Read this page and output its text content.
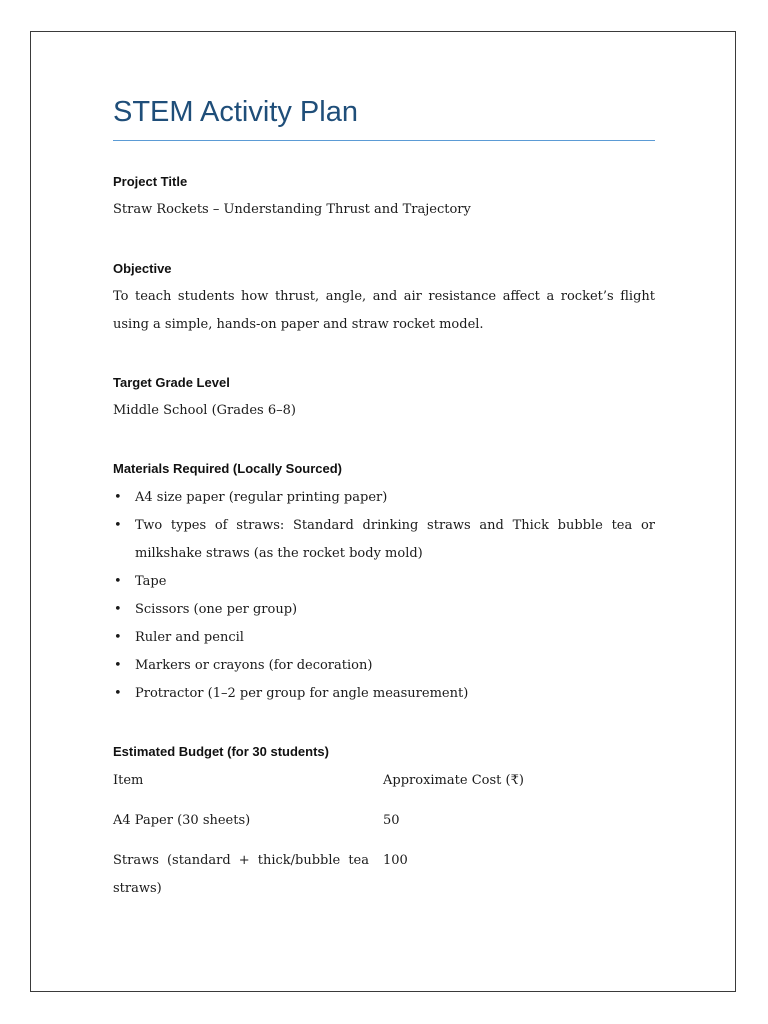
STEM Activity Plan
Project Title
Straw Rockets – Understanding Thrust and Trajectory
Objective
To teach students how thrust, angle, and air resistance affect a rocket’s flight using a simple, hands-on paper and straw rocket model.
Target Grade Level
Middle School (Grades 6–8)
Materials Required (Locally Sourced)
• A4 size paper (regular printing paper)
• Two types of straws: Standard drinking straws and Thick bubble tea or milkshake straws (as the rocket body mold)
• Tape
• Scissors (one per group)
• Ruler and pencil
• Markers or crayons (for decoration)
• Protractor (1–2 per group for angle measurement)
Estimated Budget (for 30 students)
Item	Approximate Cost (₹)
A4 Paper (30 sheets)	50
Straws (standard + thick/bubble tea straws)
100
